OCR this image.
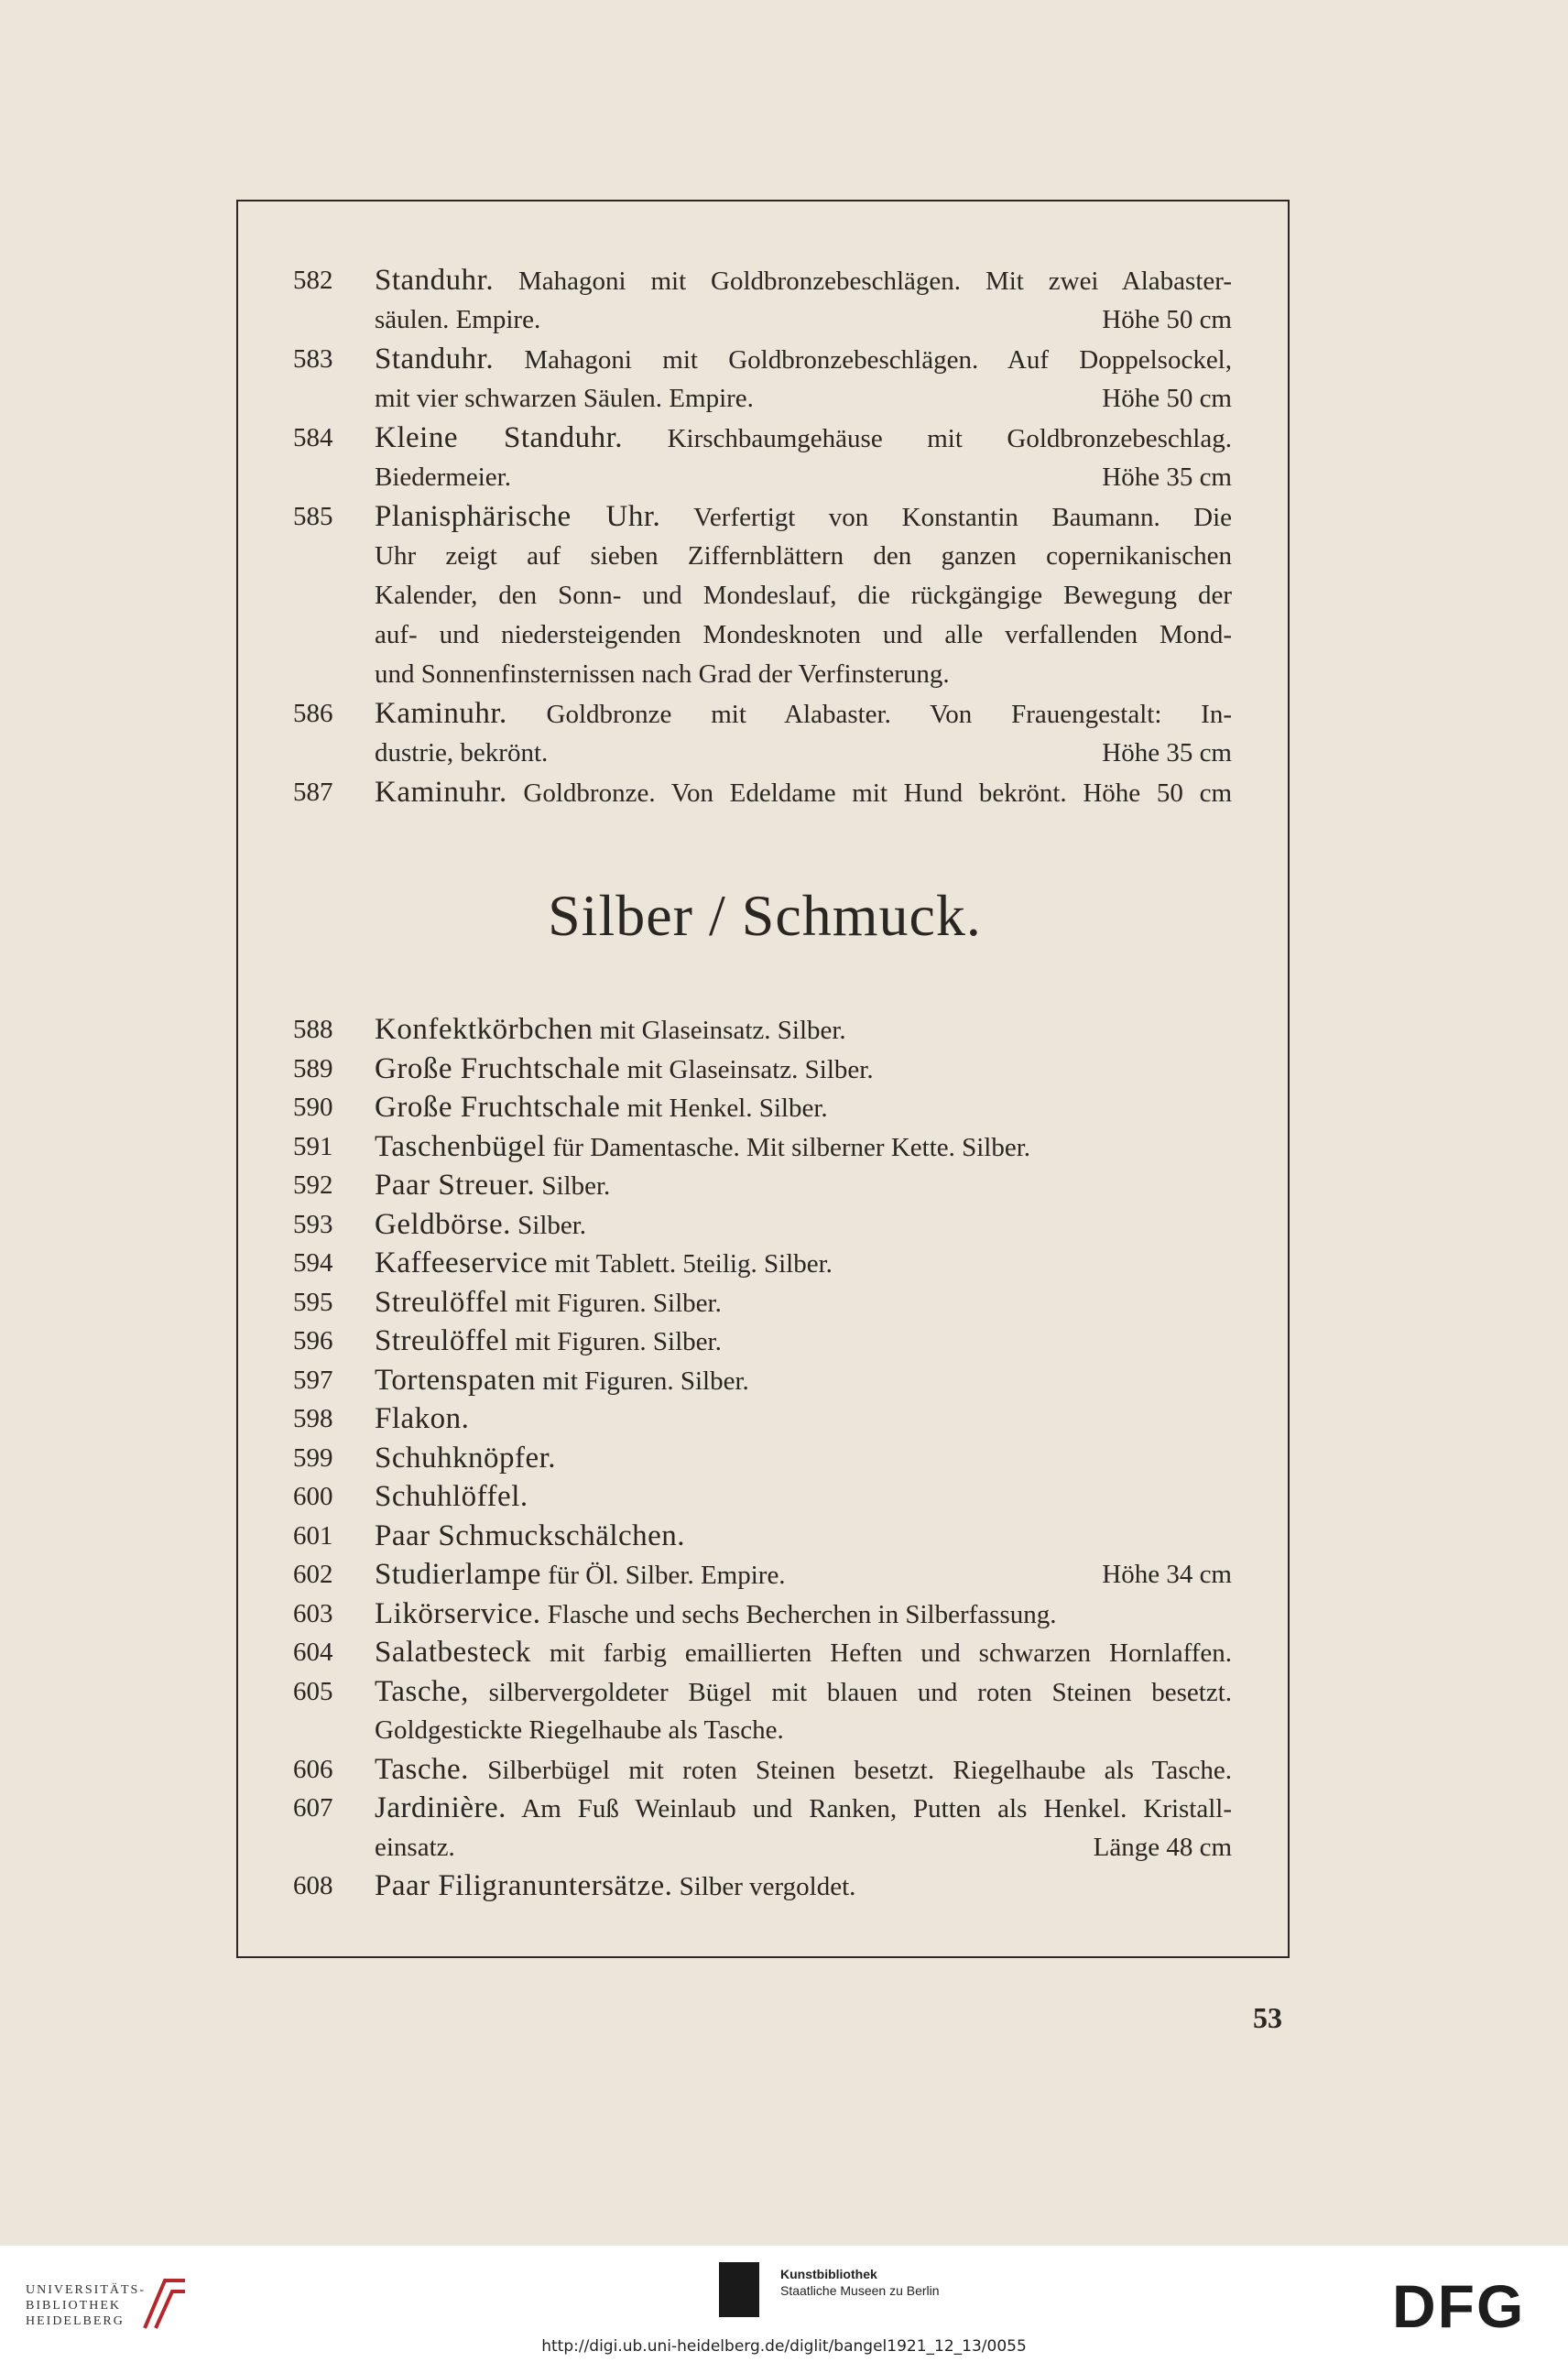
582	Standuhr. Mahagoni mit Goldbronzebeschlägen. Mit zwei Alabaster-
säulen. Empire.	Höhe 50 cm
583	Standuhr. Mahagoni mit Goldbronzebeschlägen. Auf Doppelsockel,
mit vier schwarzen Säulen. Empire.	Höhe 50 cm
584	Kleine Standuhr. Kirschbaumgehäuse mit Goldbronzebeschlag.
Biedermeier.	Höhe 35 cm
585	Planisphärische Uhr. Verfertigt von Konstantin Baumann. Die
Uhr zeigt auf sieben Ziffernblättern den ganzen copernikanischen
Kalender, den Sonn- und Mondeslauf, die rückgängige Bewegung der
auf- und niedersteigenden Mondesknoten und alle verfallenden Mond-
und Sonnenfinsternissen nach Grad der Verfinsterung.
586	Kaminuhr. Goldbronze mit Alabaster. Von Frauengestalt: In-
dustrie, bekrönt.	Höhe 35 cm
587	Kaminuhr. Goldbronze. Von Edeldame mit Hund bekrönt. Höhe 50 cm
Silber / Schmuck.
588	Konfektkörbchen mit Glaseinsatz. Silber.
589	Große Fruchtschale mit Glaseinsatz. Silber.
590	Große Fruchtschale mit Henkel. Silber.
591	Taschenbügel für Damentasche. Mit silberner Kette. Silber.
592	Paar Streuer. Silber.
593	Geldbörse. Silber.
594	Kaffeeservice mit Tablett. 5teilig. Silber.
595	Streulöffel mit Figuren. Silber.
596	Streulöffel mit Figuren. Silber.
597	Tortenspaten mit Figuren. Silber.
598	Flakon.
599	Schuhknöpfer.
600	Schuhlöffel.
601	Paar Schmuckschälchen.
602	Studierlampe für Öl. Silber. Empire.	Höhe 34 cm
603	Likörservice. Flasche und sechs Becherchen in Silberfassung.
604	Salatbesteck mit farbig emaillierten Heften und schwarzen Hornlaffen.
605	Tasche, silbervergoldeter Bügel mit blauen und roten Steinen besetzt.
Goldgestickte Riegelhaube als Tasche.
606	Tasche. Silberbügel mit roten Steinen besetzt. Riegelhaube als Tasche.
607	Jardinière. Am Fuß Weinlaub und Ranken, Putten als Henkel. Kristall-
einsatz.	Länge 48 cm
608	Paar Filigranuntersätze. Silber vergoldet.
53
UNIVERSITÄTS-
BIBLIOTHEK
HEIDELBERG
Kunstbibliothek
Staatliche Museen zu Berlin	DFG
http://digi.ub.uni-heidelberg.de/diglit/bangel1921_12_13/0055
